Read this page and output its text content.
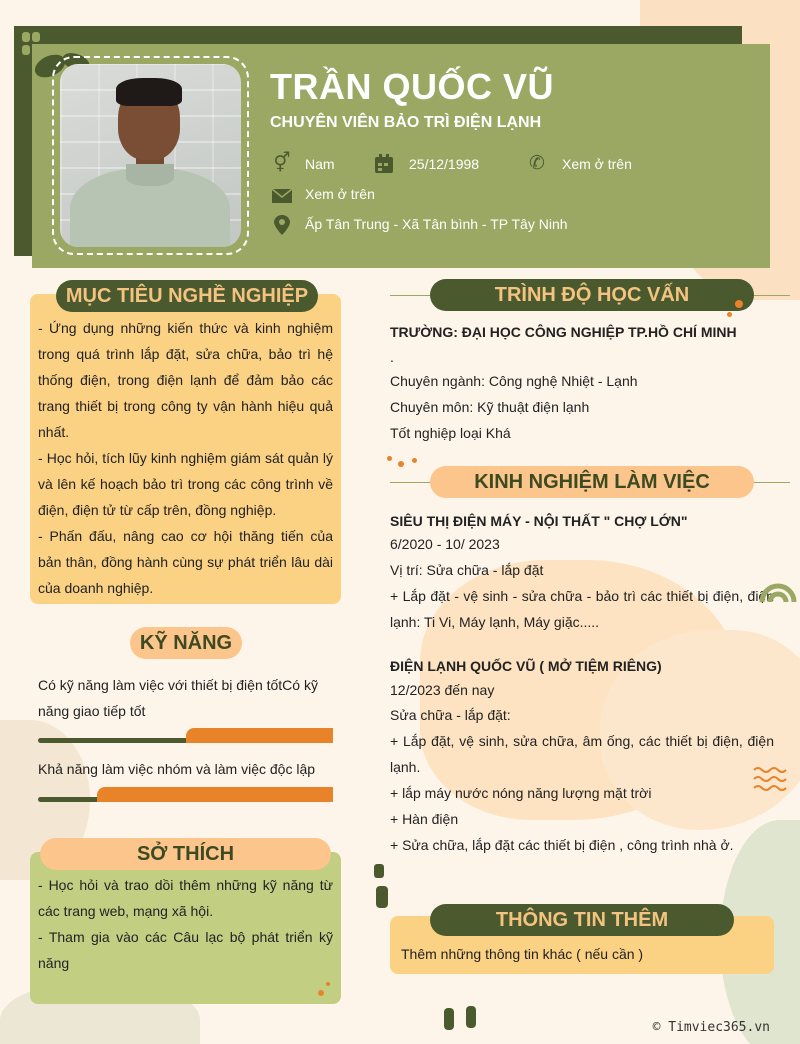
TRẦN QUỐC VŨ
CHUYÊN VIÊN BẢO TRÌ ĐIỆN LẠNH
⚥ Nam	25/12/1998	✆ Xem ở trên
Xem ở trên
Ấp Tân Trung - Xã Tân bình - TP Tây Ninh
MỤC TIÊU NGHỀ NGHIỆP
- Ứng dụng những kiến thức và kinh nghiệm trong quá trình lắp đặt, sửa chữa, bảo trì hệ thống điện, trong điện lạnh để đảm bảo các trang thiết bị trong công ty vận hành hiệu quả nhất.
- Học hỏi, tích lũy kinh nghiệm giám sát quản lý và lên kế hoạch bảo trì trong các công trình về điện, điện tử từ cấp trên, đồng nghiệp.
- Phấn đấu, nâng cao cơ hội thăng tiến của bản thân, đồng hành cùng sự phát triển lâu dài của doanh nghiệp.
KỸ NĂNG
Có kỹ năng làm việc với thiết bị điện tốtCó kỹ năng giao tiếp tốt
Khả năng làm việc nhóm và làm việc độc lập
SỞ THÍCH
- Học hỏi và trao dồi thêm những kỹ năng từ các trang web, mạng xã hội.
- Tham gia vào các Câu lạc bộ phát triển kỹ năng
TRÌNH ĐỘ HỌC VẤN
TRƯỜNG: ĐẠI HỌC CÔNG NGHIỆP TP.HỒ CHÍ MINH
.
Chuyên ngành: Công nghệ Nhiệt - Lạnh
Chuyên môn: Kỹ thuật điện lạnh
Tốt nghiệp loại Khá
KINH NGHIỆM LÀM VIỆC
SIÊU THỊ ĐIỆN MÁY - NỘI THẤT " CHỢ LỚN"
6/2020 - 10/ 2023
Vị trí: Sửa chữa - lắp đặt
+ Lắp đặt - vệ sinh - sửa chữa - bảo trì các thiết bị điện, điện lạnh: Ti Vi, Máy lạnh, Máy giặc.....
ĐIỆN LẠNH QUỐC VŨ ( MỞ TIỆM RIÊNG)
12/2023 đến nay
Sửa chữa - lắp đặt:
+ Lắp đặt, vệ sinh, sửa chữa, âm ống, các thiết bị điện, điện lạnh.
+ lắp máy nước nóng năng lượng mặt trời
+ Hàn điện
+ Sửa chữa, lắp đặt các thiết bị điện , công trình nhà ở.
THÔNG TIN THÊM
Thêm những thông tin khác ( nếu cần )
© Timviec365.vn
